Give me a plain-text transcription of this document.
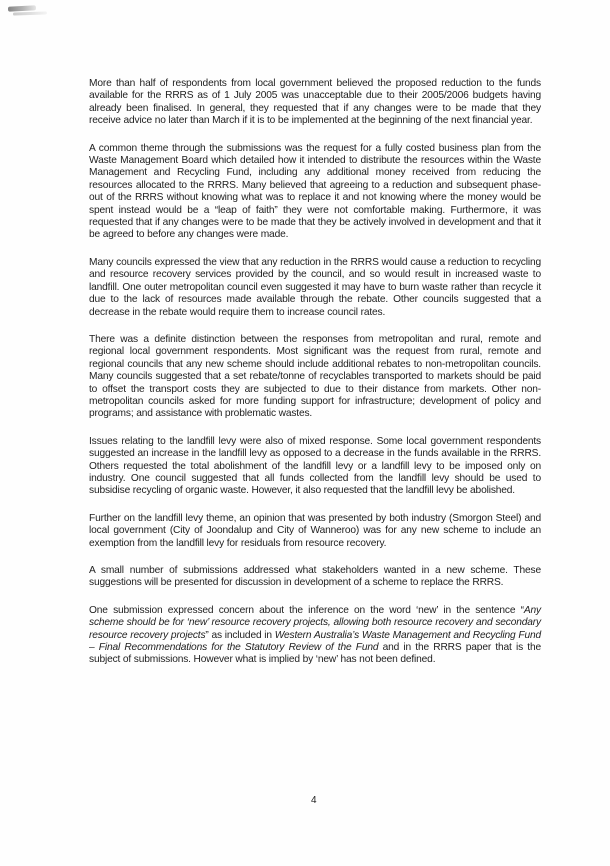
More than half of respondents from local government believed the proposed reduction to the funds available for the RRRS as of 1 July 2005 was unacceptable due to their 2005/2006 budgets having already been finalised. In general, they requested that if any changes were to be made that they receive advice no later than March if it is to be implemented at the beginning of the next financial year.

A common theme through the submissions was the request for a fully costed business plan from the Waste Management Board which detailed how it intended to distribute the resources within the Waste Management and Recycling Fund, including any additional money received from reducing the resources allocated to the RRRS. Many believed that agreeing to a reduction and subsequent phase-out of the RRRS without knowing what was to replace it and not knowing where the money would be spent instead would be a “leap of faith” they were not comfortable making. Furthermore, it was requested that if any changes were to be made that they be actively involved in development and that it be agreed to before any changes were made.

Many councils expressed the view that any reduction in the RRRS would cause a reduction to recycling and resource recovery services provided by the council, and so would result in increased waste to landfill. One outer metropolitan council even suggested it may have to burn waste rather than recycle it due to the lack of resources made available through the rebate. Other councils suggested that a decrease in the rebate would require them to increase council rates.

There was a definite distinction between the responses from metropolitan and rural, remote and regional local government respondents. Most significant was the request from rural, remote and regional councils that any new scheme should include additional rebates to non-metropolitan councils. Many councils suggested that a set rebate/tonne of recyclables transported to markets should be paid to offset the transport costs they are subjected to due to their distance from markets. Other non-metropolitan councils asked for more funding support for infrastructure; development of policy and programs; and assistance with problematic wastes.

Issues relating to the landfill levy were also of mixed response. Some local government respondents suggested an increase in the landfill levy as opposed to a decrease in the funds available in the RRRS. Others requested the total abolishment of the landfill levy or a landfill levy to be imposed only on industry. One council suggested that all funds collected from the landfill levy should be used to subsidise recycling of organic waste. However, it also requested that the landfill levy be abolished.

Further on the landfill levy theme, an opinion that was presented by both industry (Smorgon Steel) and local government (City of Joondalup and City of Wanneroo) was for any new scheme to include an exemption from the landfill levy for residuals from resource recovery.

A small number of submissions addressed what stakeholders wanted in a new scheme. These suggestions will be presented for discussion in development of a scheme to replace the RRRS.

One submission expressed concern about the inference on the word ‘new’ in the sentence “Any scheme should be for ‘new’ resource recovery projects, allowing both resource recovery and secondary resource recovery projects” as included in Western Australia’s Waste Management and Recycling Fund – Final Recommendations for the Statutory Review of the Fund and in the RRRS paper that is the subject of submissions. However what is implied by ‘new’ has not been defined.

4
